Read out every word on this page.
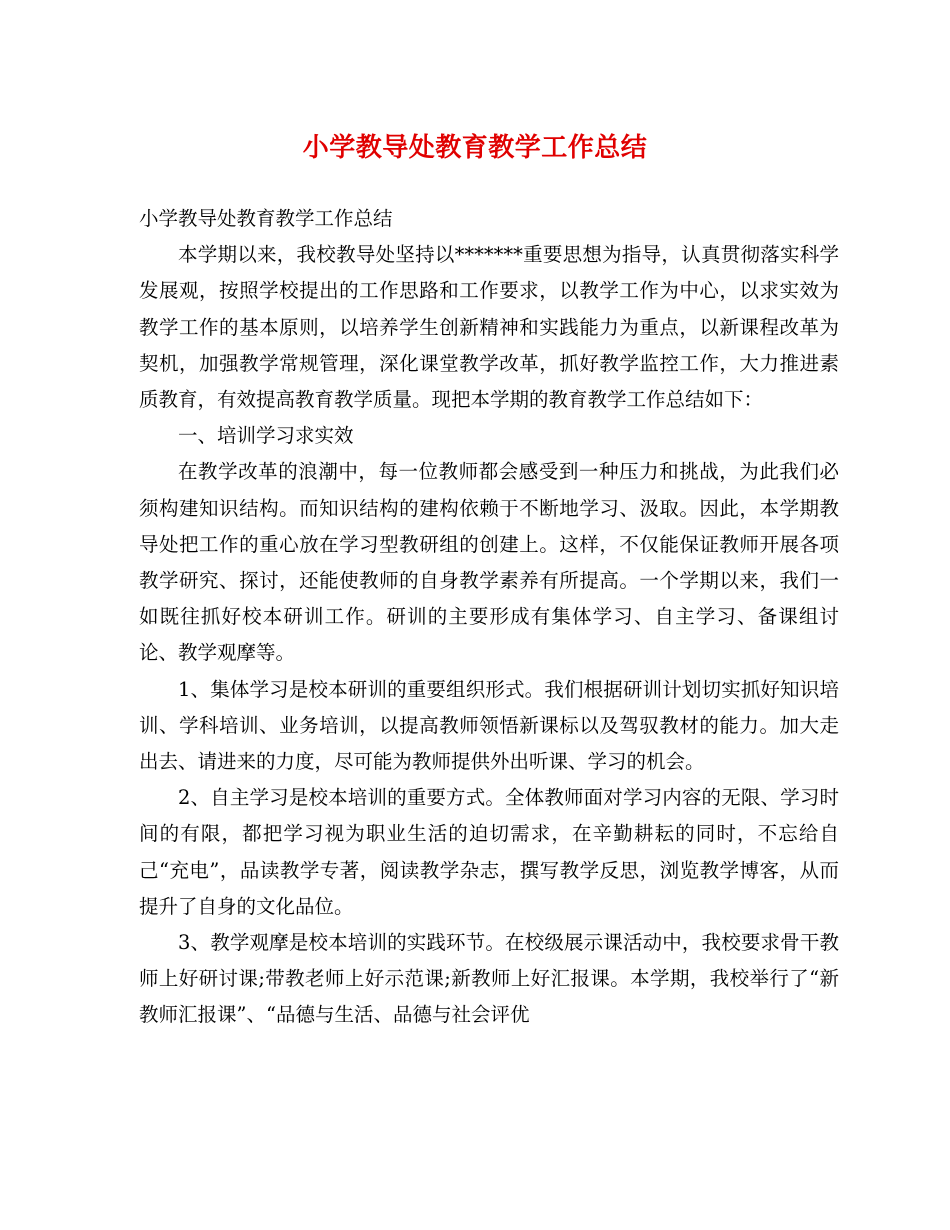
小学教导处教育教学工作总结

小学教导处教育教学工作总结

本学期以来，我校教导处坚持以*******重要思想为指导，认真贯彻落实科学发展观，按照学校提出的工作思路和工作要求，以教学工作为中心，以求实效为教学工作的基本原则，以培养学生创新精神和实践能力为重点，以新课程改革为契机，加强教学常规管理，深化课堂教学改革，抓好教学监控工作，大力推进素质教育，有效提高教育教学质量。现把本学期的教育教学工作总结如下：

一、培训学习求实效

在教学改革的浪潮中，每一位教师都会感受到一种压力和挑战，为此我们必须构建知识结构。而知识结构的建构依赖于不断地学习、汲取。因此，本学期教导处把工作的重心放在学习型教研组的创建上。这样，不仅能保证教师开展各项教学研究、探讨，还能使教师的自身教学素养有所提高。一个学期以来，我们一如既往抓好校本研训工作。研训的主要形成有集体学习、自主学习、备课组讨论、教学观摩等。

1、集体学习是校本研训的重要组织形式。我们根据研训计划切实抓好知识培训、学科培训、业务培训，以提高教师领悟新课标以及驾驭教材的能力。加大走出去、请进来的力度，尽可能为教师提供外出听课、学习的机会。

2、自主学习是校本培训的重要方式。全体教师面对学习内容的无限、学习时间的有限，都把学习视为职业生活的迫切需求，在辛勤耕耘的同时，不忘给自己“充电”，品读教学专著，阅读教学杂志，撰写教学反思，浏览教学博客，从而提升了自身的文化品位。

3、教学观摩是校本培训的实践环节。在校级展示课活动中，我校要求骨干教师上好研讨课;带教老师上好示范课;新教师上好汇报课。本学期，我校举行了“新教师汇报课”、“品德与生活、品德与社会评优
